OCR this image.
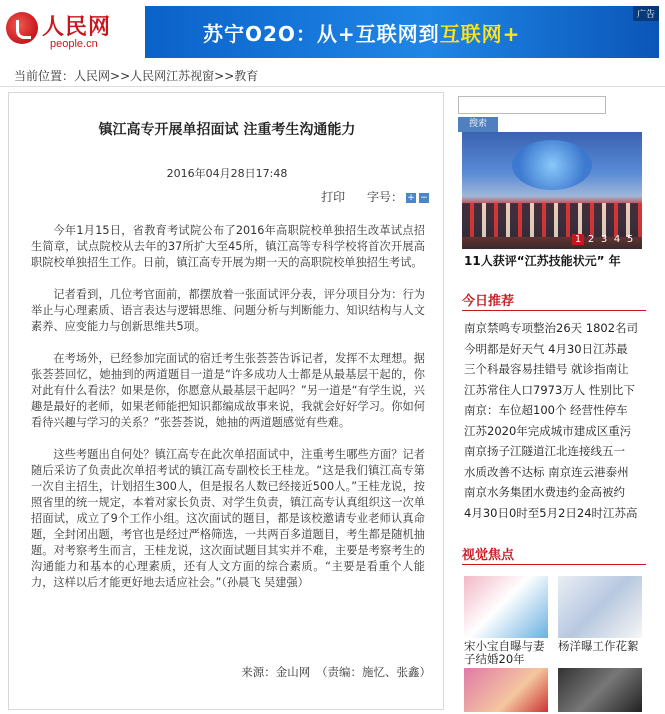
人民网
people.cn	苏宁O2O：从+互联网到互联网+
广告
当前位置：人民网>>人民网江苏视窗>>教育
镇江高专开展单招面试 注重考生沟通能力
2016年04月28日17:48
打印 字号： + −

今年1月15日，省教育考试院公布了2016年高职院校单独招生改革试点招生简章，试点院校从去年的37所扩大至45所，镇江高等专科学校将首次开展高职院校单独招生工作。日前，镇江高专开展为期一天的高职院校单独招生考试。

记者看到，几位考官面前，都摆放着一张面试评分表，评分项目分为：行为举止与心理素质、语言表达与逻辑思维、问题分析与判断能力、知识结构与人文素养、应变能力与创新思维共5项。

在考场外，已经参加完面试的宿迁考生张荟荟告诉记者，发挥不太理想。据张荟荟回忆，她抽到的两道题目一道是“许多成功人士都是从最基层干起的，你对此有什么看法？如果是你，你愿意从最基层干起吗？”另一道是“有学生说，兴趣是最好的老师，如果老师能把知识都编成故事来说，我就会好好学习。你如何看待兴趣与学习的关系？”张荟荟说，她抽的两道题感觉有些难。

这些考题出自何处？镇江高专在此次单招面试中，注重考生哪些方面？记者随后采访了负责此次单招考试的镇江高专副校长王桂龙。“这是我们镇江高专第一次自主招生，计划招生300人，但是报名人数已经接近500人。”王桂龙说，按照省里的统一规定，本着对家长负责、对学生负责，镇江高专认真组织这一次单招面试，成立了9个工作小组。这次面试的题目，都是该校邀请专业老师认真命题，全封闭出题，考官也是经过严格筛选，一共两百多道题目，考生都是随机抽题。对考察考生而言，王桂龙说，这次面试题目其实并不难，主要是考察考生的沟通能力和基本的心理素质，还有人文方面的综合素质。“主要是看重个人能力，这样以后才能更好地去适应社会。”（孙晨飞 吴建强）

来源：金山网　（责编：施忆、张鑫）
搜索
1 2 3 4 5
11人获评“江苏技能状元” 年
今日推荐
南京禁鸣专项整治26天 1802名司
今明都是好天气 4月30日江苏最
三个科最容易挂错号 就诊指南让
江苏常住人口7973万人 性别比下
南京：车位超100个 经营性停车
江苏2020年完成城市建成区重污
南京扬子江隧道江北连接线五一
水质改善不达标 南京连云港泰州
南京水务集团水费违约金高被约
4月30日0时至5月2日24时江苏高
视觉焦点
宋小宝自曝与妻子结婚20年
杨洋曝工作花絮
